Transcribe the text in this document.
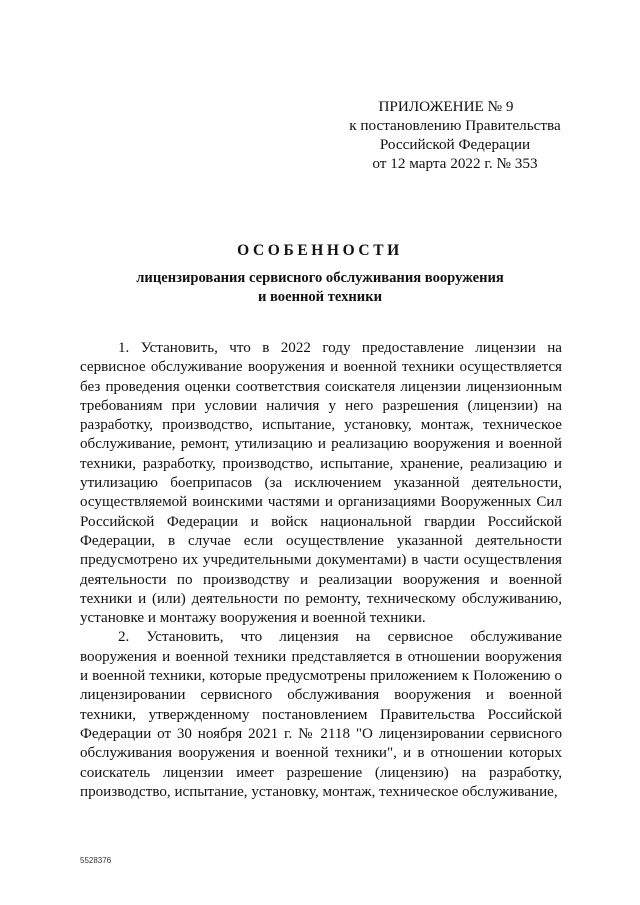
ПРИЛОЖЕНИЕ № 9
к постановлению Правительства
Российской Федерации
от 12 марта 2022 г. № 353
ОСОБЕННОСТИ
лицензирования сервисного обслуживания вооружения
и военной техники

1. Установить, что в 2022 году предоставление лицензии на сервисное обслуживание вооружения и военной техники осуществляется без проведения оценки соответствия соискателя лицензии лицензионным требованиям при условии наличия у него разрешения (лицензии) на разработку, производство, испытание, установку, монтаж, техническое обслуживание, ремонт, утилизацию и реализацию вооружения и военной техники, разработку, производство, испытание, хранение, реализацию и утилизацию боеприпасов (за исключением указанной деятельности, осуществляемой воинскими частями и организациями Вооруженных Сил Российской Федерации и войск национальной гвардии Российской Федерации, в случае если осуществление указанной деятельности предусмотрено их учредительными документами) в части осуществления деятельности по производству и реализации вооружения и военной техники и (или) деятельности по ремонту, техническому обслуживанию, установке и монтажу вооружения и военной техники.

2. Установить, что лицензия на сервисное обслуживание вооружения и военной техники представляется в отношении вооружения и военной техники, которые предусмотрены приложением к Положению о лицензировании сервисного обслуживания вооружения и военной техники, утвержденному постановлением Правительства Российской Федерации от 30 ноября 2021 г. № 2118 "О лицензировании сервисного обслуживания вооружения и военной техники", и в отношении которых соискатель лицензии имеет разрешение (лицензию) на разработку, производство, испытание, установку, монтаж, техническое обслуживание,

5528376
